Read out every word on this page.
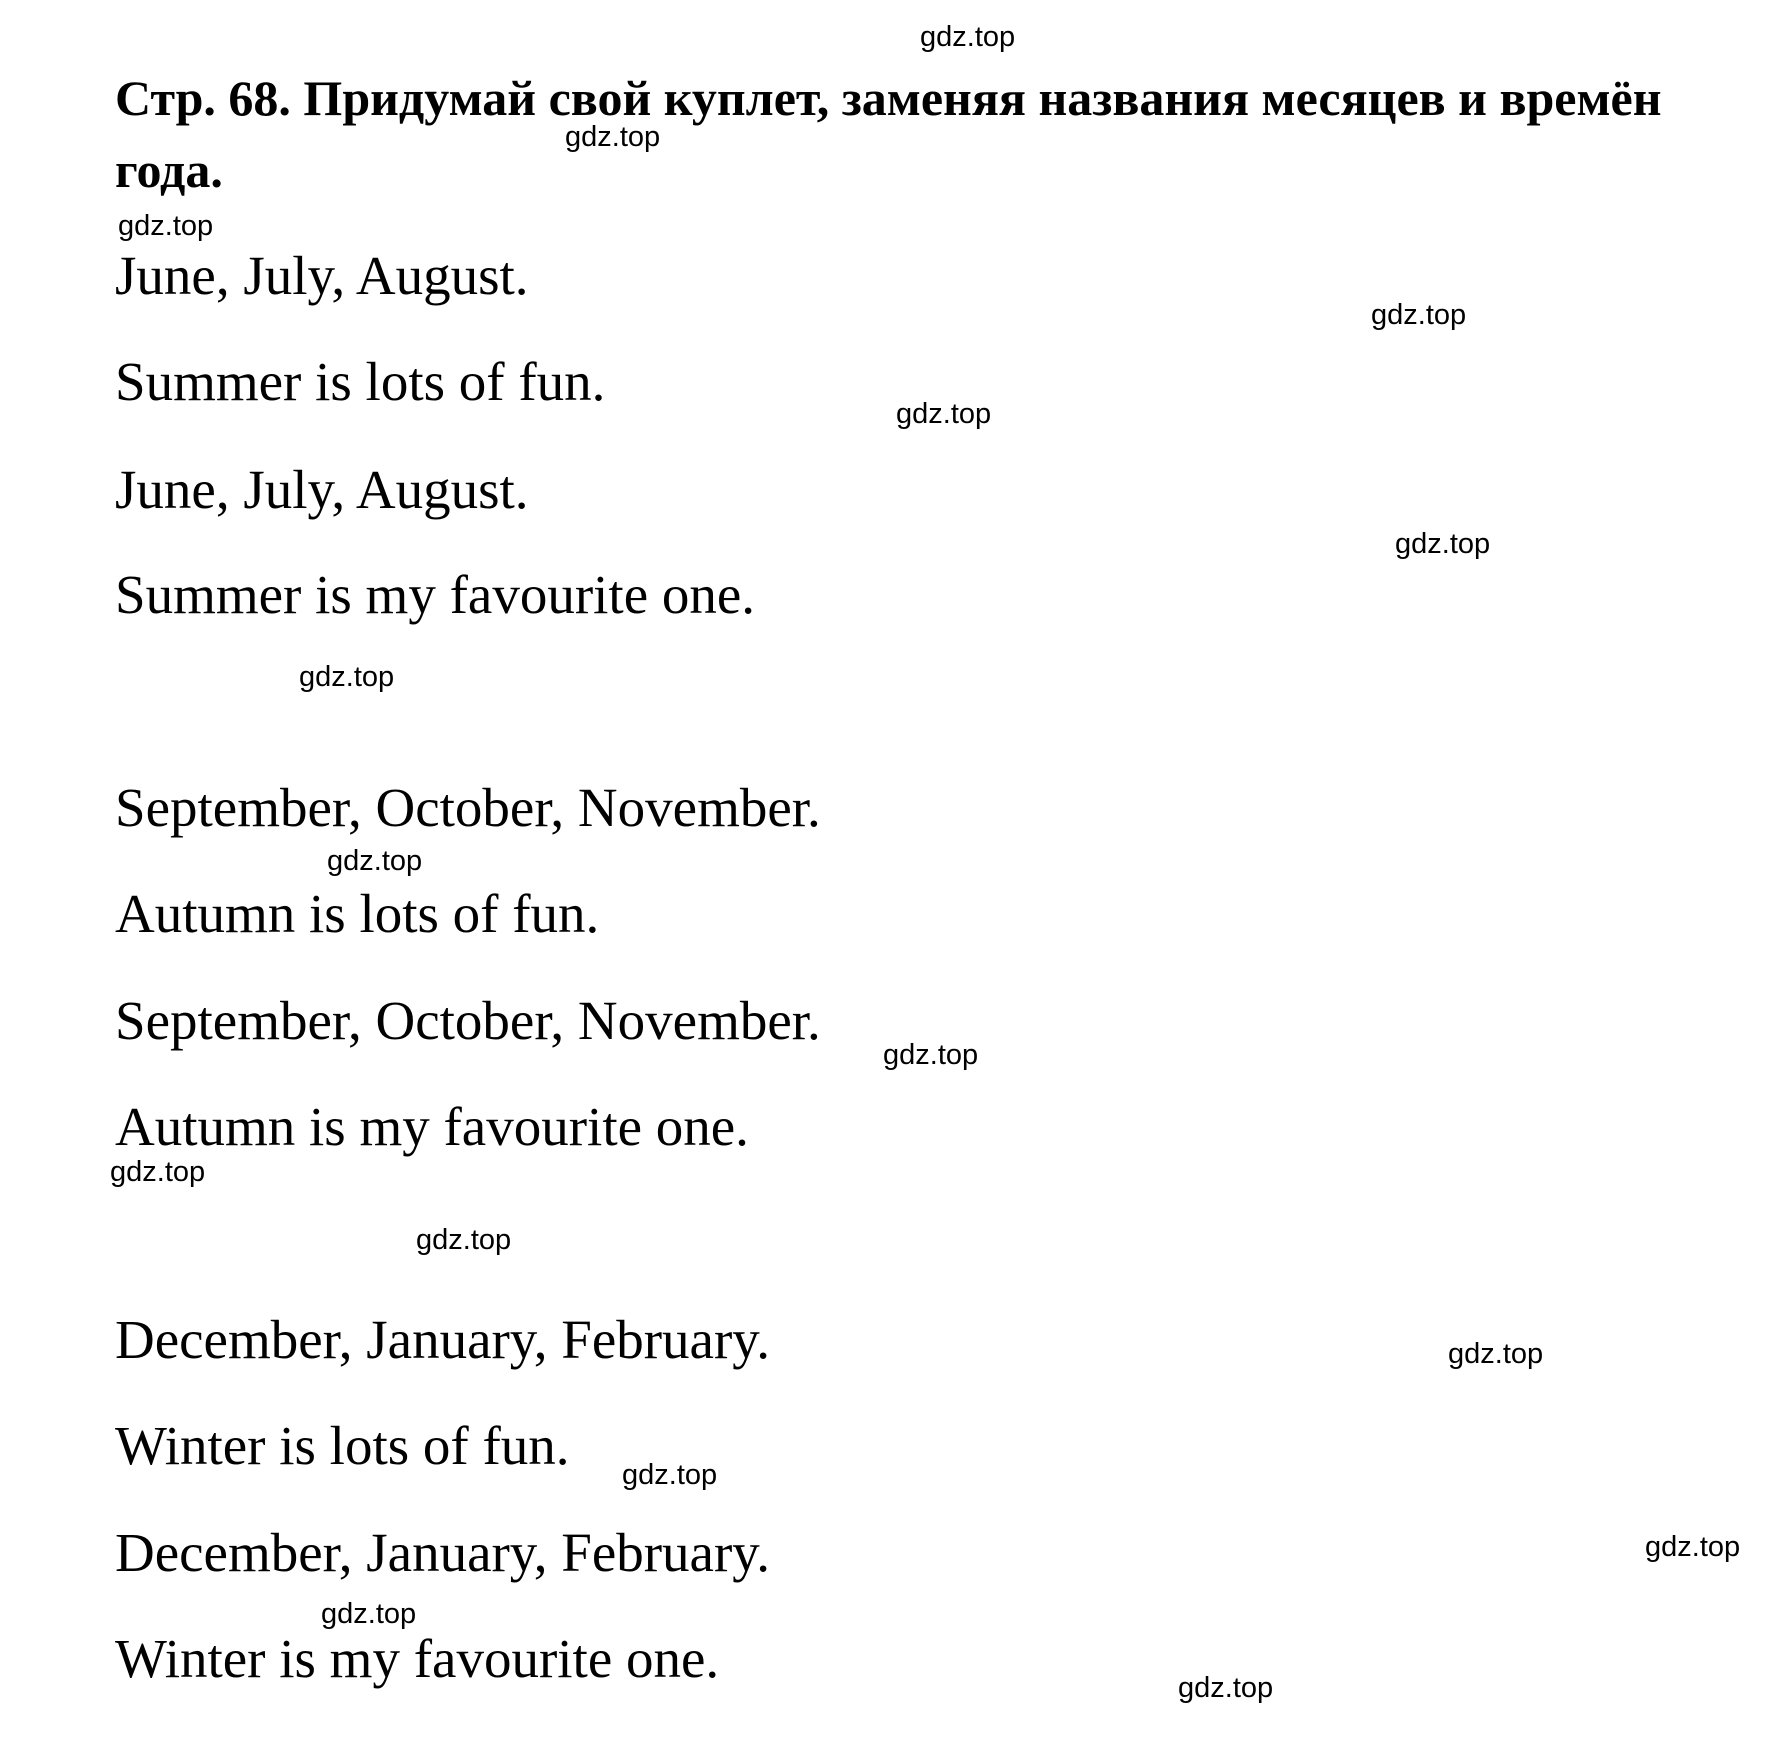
Стр. 68. Придумай свой куплет, заменяя названия месяцев и времён года.

June, July, August.

Summer is lots of fun.

June, July, August.

Summer is my favourite one.

September, October, November.

Autumn is lots of fun.

September, October, November.

Autumn is my favourite one.

December, January, February.

Winter is lots of fun.

December, January, February.

Winter is my favourite one.

gdz.top
gdz.top
gdz.top
gdz.top
gdz.top
gdz.top
gdz.top
gdz.top
gdz.top
gdz.top
gdz.top
gdz.top
gdz.top
gdz.top
gdz.top
gdz.top
